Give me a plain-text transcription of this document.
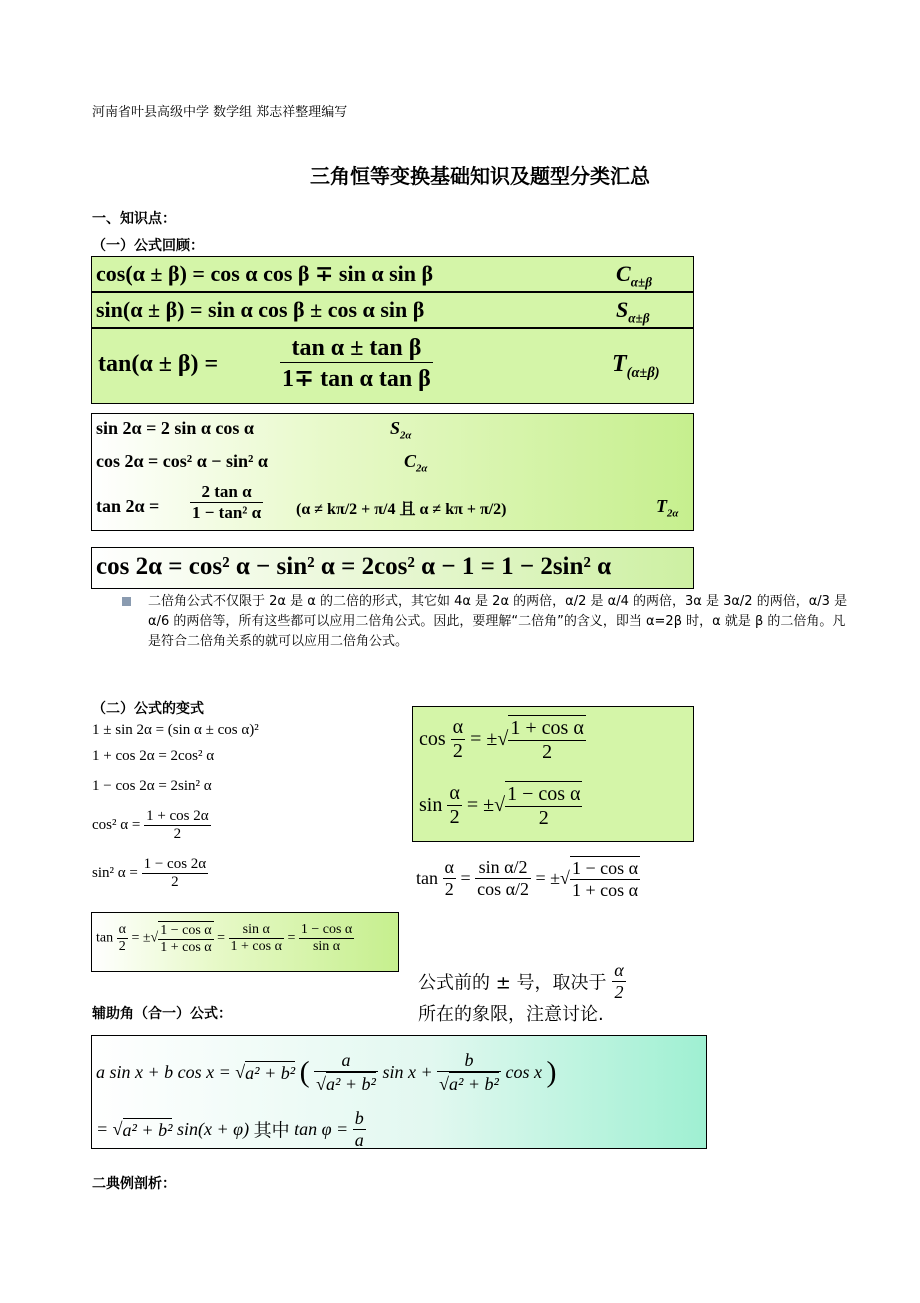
河南省叶县高级中学 数学组 郑志祥整理编写
三角恒等变换基础知识及题型分类汇总
一、知识点：
（一）公式回顾：
cos(α ± β) = cos α cos β ∓ sin α sin β	$C_{\alpha\pm\beta}$
sin(α ± β) = sin α cos β ± cos α sin β	$S_{\alpha\pm\beta}$
tan(α ± β) =	$\frac{\text{tan α ± tan β}}{\text{1∓ tan α tan β}}$	$T_{(\alpha\pm\beta)}$
sin 2α = 2 sin α cos α	$S_{2\alpha}$
cos 2α = cos² α − sin² α	$C_{2\alpha}$
$\tan 2\alpha = \frac{\text{2 tan α}}{\text{1 − tan² α}} (\alpha \ne k\pi/2 + \pi/4$ 且 α ≠ kπ + π/2)	$T_{2\alpha}$
cos 2α = cos² α − sin² α = 2cos² α − 1 = 1 − 2sin² α
二倍角公式不仅限于 2α 是 α 的二倍的形式，其它如 4α 是 2α 的两倍，α/2 是 α/4 的两倍，3α 是 3α/2 的两倍，α/3 是 α/6 的两倍等，所有这些都可以应用二倍角公式。因此，要理解“二倍角”的含义，即当 α=2β 时，α 就是 β 的二倍角。凡是符合二倍角关系的就可以应用二倍角公式。
（二）公式的变式
1 ± sin 2α = (sin α ± cos α)²
1 + cos 2α = 2cos² α
1 − cos 2α = 2sin² α
cos² $\alpha = \frac{1 + \cos 2\alpha}{2}$
sin² $\alpha = \frac{1 - \cos 2\alpha}{2}$
$\tan \frac{\alpha}{2}$ = ±√ $\frac{\text{1 − cos α}}{\text{1 + cos α}} = \frac{\text{sin α}}{\text{1 + cos α}} = \frac{\text{1 − cos α}}{\text{sin α}}$
$\cos \frac{\alpha}{2}$ = ±√ $\frac{\text{1 + cos α}}{2}$
$\sin \frac{\alpha}{2}$ = ±√ $\frac{\text{1 − cos α}}{2}$
$\tan \frac{\alpha}{2} = \frac{\text{sin α/2}}{\text{cos α/2}}$ = ±√ $\frac{\text{1 − cos α}}{\text{1 + cos α}}$
公式前的 ± 号，取决于 $\frac{\alpha}{2}$
所在的象限，注意讨论.
辅助角（合一）公式：
a sin x + b cos x = √a² + b² ( $\frac{a}{\text{√a² + b²}}$ $\sin x + \frac{b}{\text{√a² + b²}}$ cos x )
= √a² + b² sin(x + φ) 其中 $\tan \varphi = \frac{b}{a}$
二典例剖析：
